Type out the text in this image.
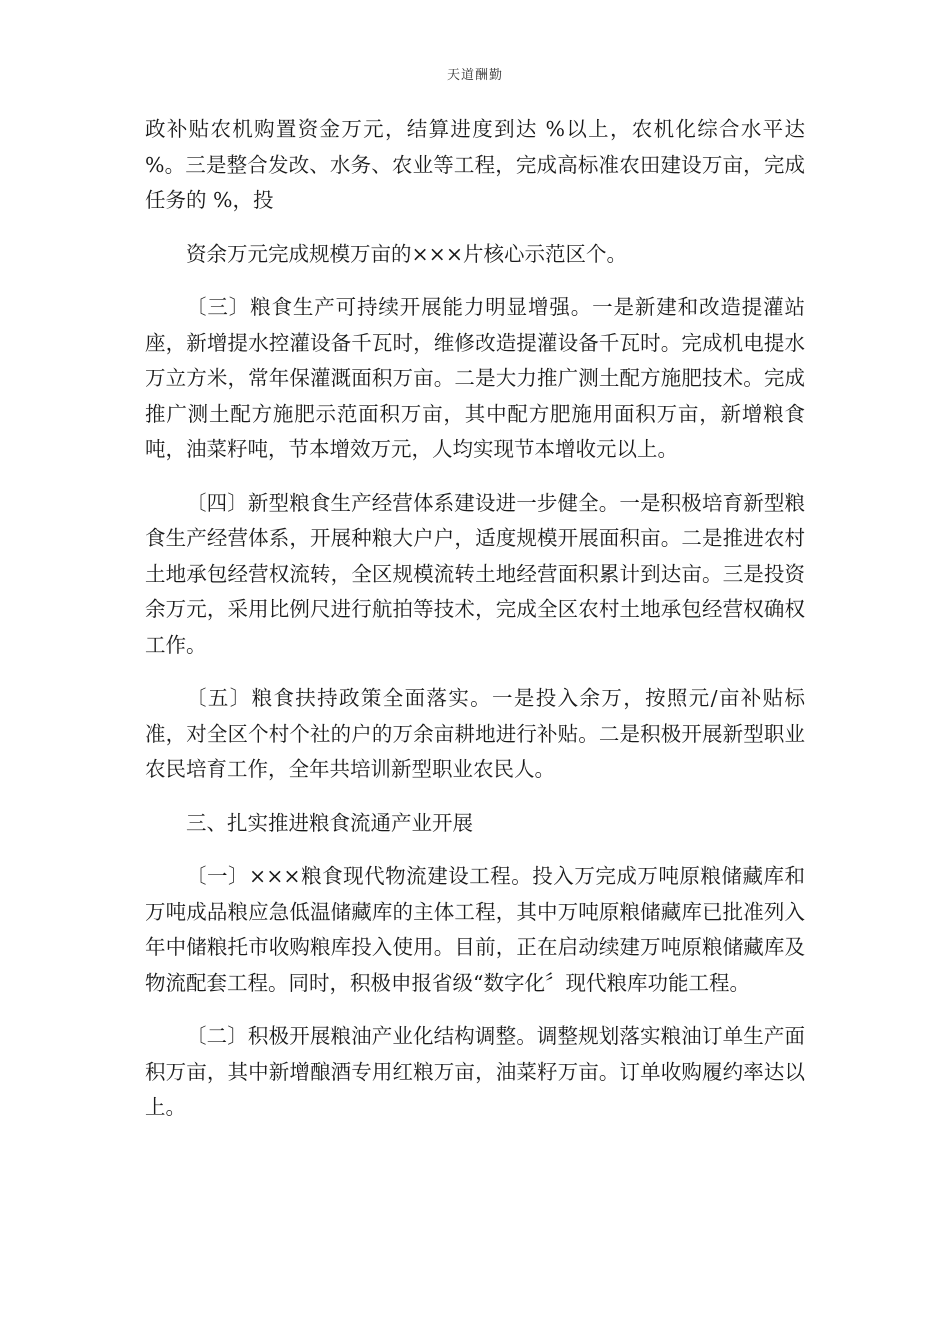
天道酬勤

政补贴农机购置资金万元，结算进度到达 %以上，农机化综合水平达 %。三是整合发改、水务、农业等工程，完成高标准农田建设万亩，完成任务的 %，投

资余万元完成规模万亩的×××片核心示范区个。

〔三〕粮食生产可持续开展能力明显增强。一是新建和改造提灌站座，新增提水控灌设备千瓦时，维修改造提灌设备千瓦时。完成机电提水万立方米，常年保灌溉面积万亩。二是大力推广测土配方施肥技术。完成推广测土配方施肥示范面积万亩，其中配方肥施用面积万亩，新增粮食吨，油菜籽吨，节本增效万元，人均实现节本增收元以上。

〔四〕新型粮食生产经营体系建设进一步健全。一是积极培育新型粮食生产经营体系，开展种粮大户户，适度规模开展面积亩。二是推进农村土地承包经营权流转，全区规模流转土地经营面积累计到达亩。三是投资余万元，采用比例尺进行航拍等技术，完成全区农村土地承包经营权确权工作。

〔五〕粮食扶持政策全面落实。一是投入余万，按照元/亩补贴标准，对全区个村个社的户的万余亩耕地进行补贴。二是积极开展新型职业农民培育工作，全年共培训新型职业农民人。

三、扎实推进粮食流通产业开展

〔一〕×××粮食现代物流建设工程。投入万完成万吨原粮储藏库和万吨成品粮应急低温储藏库的主体工程，其中万吨原粮储藏库已批准列入年中储粮托市收购粮库投入使用。目前，正在启动续建万吨原粮储藏库及物流配套工程。同时，积极申报省级“数字化〞现代粮库功能工程。

〔二〕积极开展粮油产业化结构调整。调整规划落实粮油订单生产面积万亩，其中新增酿酒专用红粮万亩，油菜籽万亩。订单收购履约率达以上。
